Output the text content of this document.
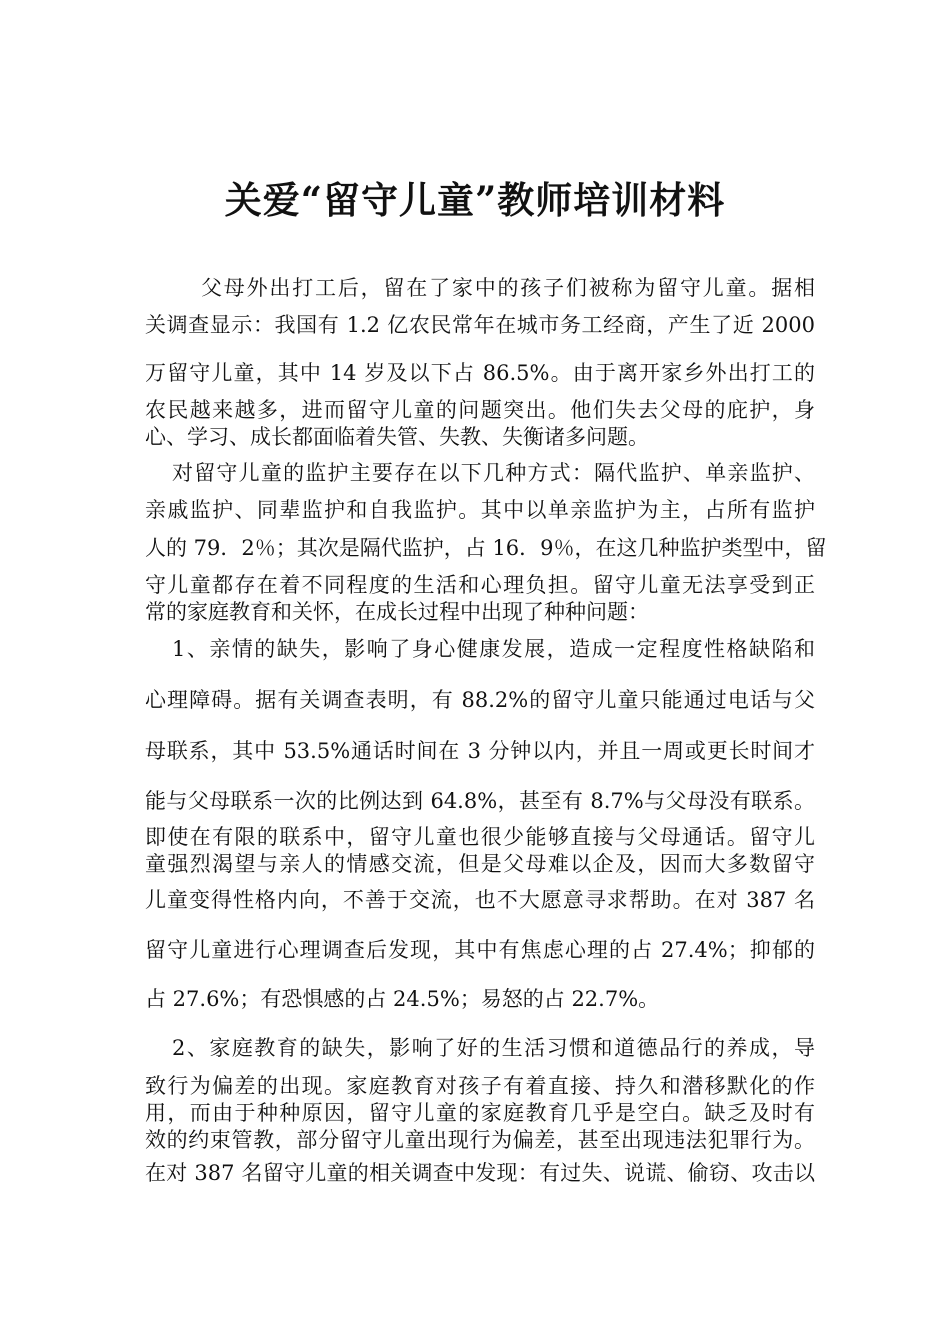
关爱“留守儿童”教师培训材料
父母外出打工后，留在了家中的孩子们被称为留守儿童。据相
关调查显示：我国有 1.2 亿农民常年在城市务工经商，产生了近 2000
万留守儿童，其中 14 岁及以下占 86.5%。由于离开家乡外出打工的
农民越来越多，进而留守儿童的问题突出。他们失去父母的庇护，身
心、学习、成长都面临着失管、失教、失衡诸多问题。
对留守儿童的监护主要存在以下几种方式：隔代监护、单亲监护、
亲戚监护、同辈监护和自我监护。其中以单亲监护为主，占所有监护
人的 79．2％；其次是隔代监护，占 16．9％，在这几种监护类型中，留
守儿童都存在着不同程度的生活和心理负担。留守儿童无法享受到正
常的家庭教育和关怀，在成长过程中出现了种种问题：
1、亲情的缺失，影响了身心健康发展，造成一定程度性格缺陷和
心理障碍。据有关调查表明，有 88.2%的留守儿童只能通过电话与父
母联系，其中 53.5%通话时间在 3 分钟以内，并且一周或更长时间才
能与父母联系一次的比例达到 64.8%，甚至有 8.7%与父母没有联系。
即使在有限的联系中，留守儿童也很少能够直接与父母通话。留守儿
童强烈渴望与亲人的情感交流，但是父母难以企及，因而大多数留守
儿童变得性格内向，不善于交流，也不大愿意寻求帮助。在对 387 名
留守儿童进行心理调查后发现，其中有焦虑心理的占 27.4%；抑郁的
占 27.6%；有恐惧感的占 24.5%；易怒的占 22.7%。
2、家庭教育的缺失，影响了好的生活习惯和道德品行的养成，导
致行为偏差的出现。家庭教育对孩子有着直接、持久和潜移默化的作
用，而由于种种原因，留守儿童的家庭教育几乎是空白。缺乏及时有
效的约束管教，部分留守儿童出现行为偏差，甚至出现违法犯罪行为。
在对 387 名留守儿童的相关调查中发现：有过失、说谎、偷窃、攻击以
